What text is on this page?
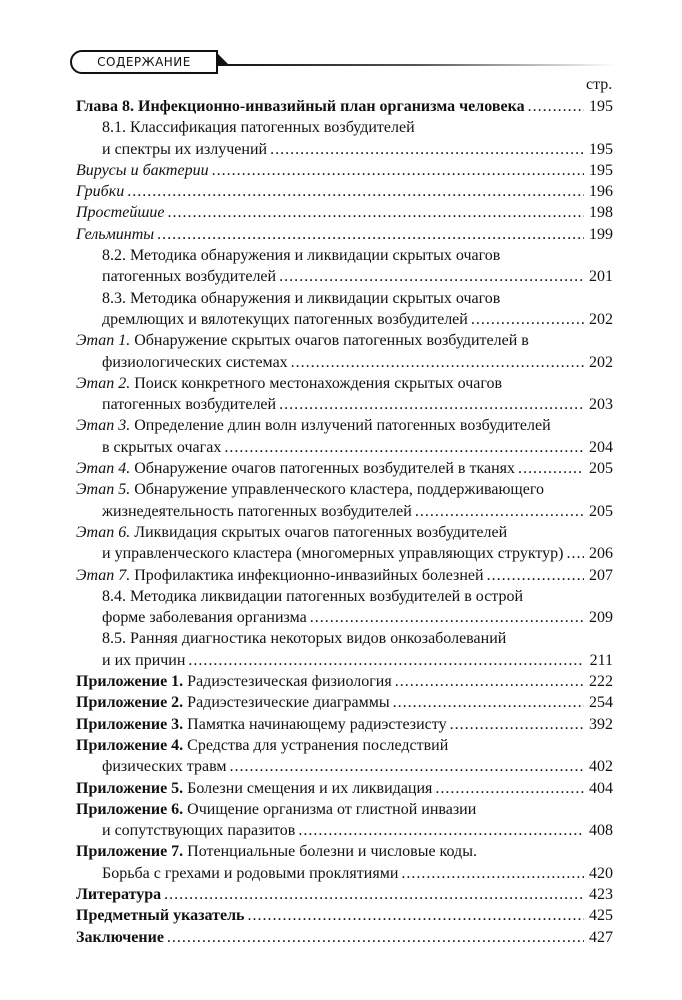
СОДЕРЖАНИЕ
стр.
Глава 8. Инфекционно-инвазийный план организма человека .....	195
8.1. Классификация патогенных возбудителей
и спектры их излучений .....	195
Вирусы и бактерии .....	195
Грибки .....	196
Простейшие .....	198
Гельминты .....	199
8.2. Методика обнаружения и ликвидации скрытых очагов
патогенных возбудителей .....	201
8.3. Методика обнаружения и ликвидации скрытых очагов
дремлющих и вялотекущих патогенных возбудителей .....	202
Этап 1. Обнаружение скрытых очагов патогенных возбудителей в
физиологических системах .....	202
Этап 2. Поиск конкретного местонахождения скрытых очагов
патогенных возбудителей .....	203
Этап 3. Определение длин волн излучений патогенных возбудителей
в скрытых очагах .....	204
Этап 4. Обнаружение очагов патогенных возбудителей в тканях .....	205
Этап 5. Обнаружение управленческого кластера, поддерживающего
жизнедеятельность патогенных возбудителей .....	205
Этап 6. Ликвидация скрытых очагов патогенных возбудителей
и управленческого кластера (многомерных управляющих структур) ..... 206
Этап 7. Профилактика инфекционно-инвазийных болезней .....	207
8.4. Методика ликвидации патогенных возбудителей в острой
форме заболевания организма .....	209
8.5. Ранняя диагностика некоторых видов онкозаболеваний
и их причин .....	211
Приложение 1. Радиэстезическая физиология .....	222
Приложение 2. Радиэстезические диаграммы .....	254
Приложение 3. Памятка начинающему радиэстезисту .....	392
Приложение 4. Средства для устранения последствий
физических травм .....	402
Приложение 5. Болезни смещения и их ликвидация .....	404
Приложение 6. Очищение организма от глистной инвазии
и сопутствующих паразитов .....	408
Приложение 7. Потенциальные болезни и числовые коды.
Борьба с грехами и родовыми проклятиями .....	420
Литература .....	423
Предметный указатель .....	425
Заключение .....	427
